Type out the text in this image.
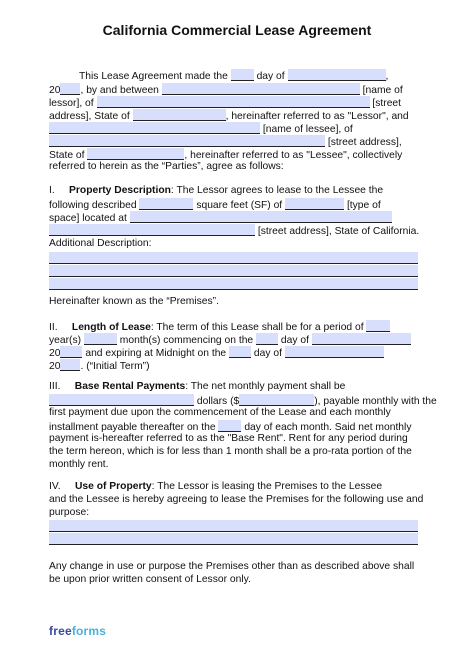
California Commercial Lease Agreement
This Lease Agreement made the	day of	,
20 , by and between	[name of
lessor], of	[street
address], State of	, hereinafter referred to as "Lessor", and
[name of lessee], of
[street address],
State of	, hereinafter referred to as "Lessee", collectively
referred to herein as the “Parties”, agree as follows:
I. Property Description: The Lessor agrees to lease to the Lessee the
following described	square feet (SF) of	[type of
space] located at
[street address], State of California.
Additional Description:
Hereinafter known as the “Premises”.
II. Length of Lease: The term of this Lease shall be for a period of
year(s)	month(s) commencing on the	day of
20 and expiring at Midnight on the	day of
20 . (“Initial Term”)
III. Base Rental Payments: The net monthly payment shall be
dollars ($	), payable monthly with the
first payment due upon the commencement of the Lease and each monthly
installment payable thereafter on the	day of each month. Said net monthly
payment is-hereafter referred to as the "Base Rent". Rent for any period during
the term hereon, which is for less than 1 month shall be a pro-rata portion of the
monthly rent.
IV. Use of Property: The Lessor is leasing the Premises to the Lessee
and the Lessee is hereby agreeing to lease the Premises for the following use and
purpose:
Any change in use or purpose the Premises other than as described above shall
be upon prior written consent of Lessor only.
freeforms
